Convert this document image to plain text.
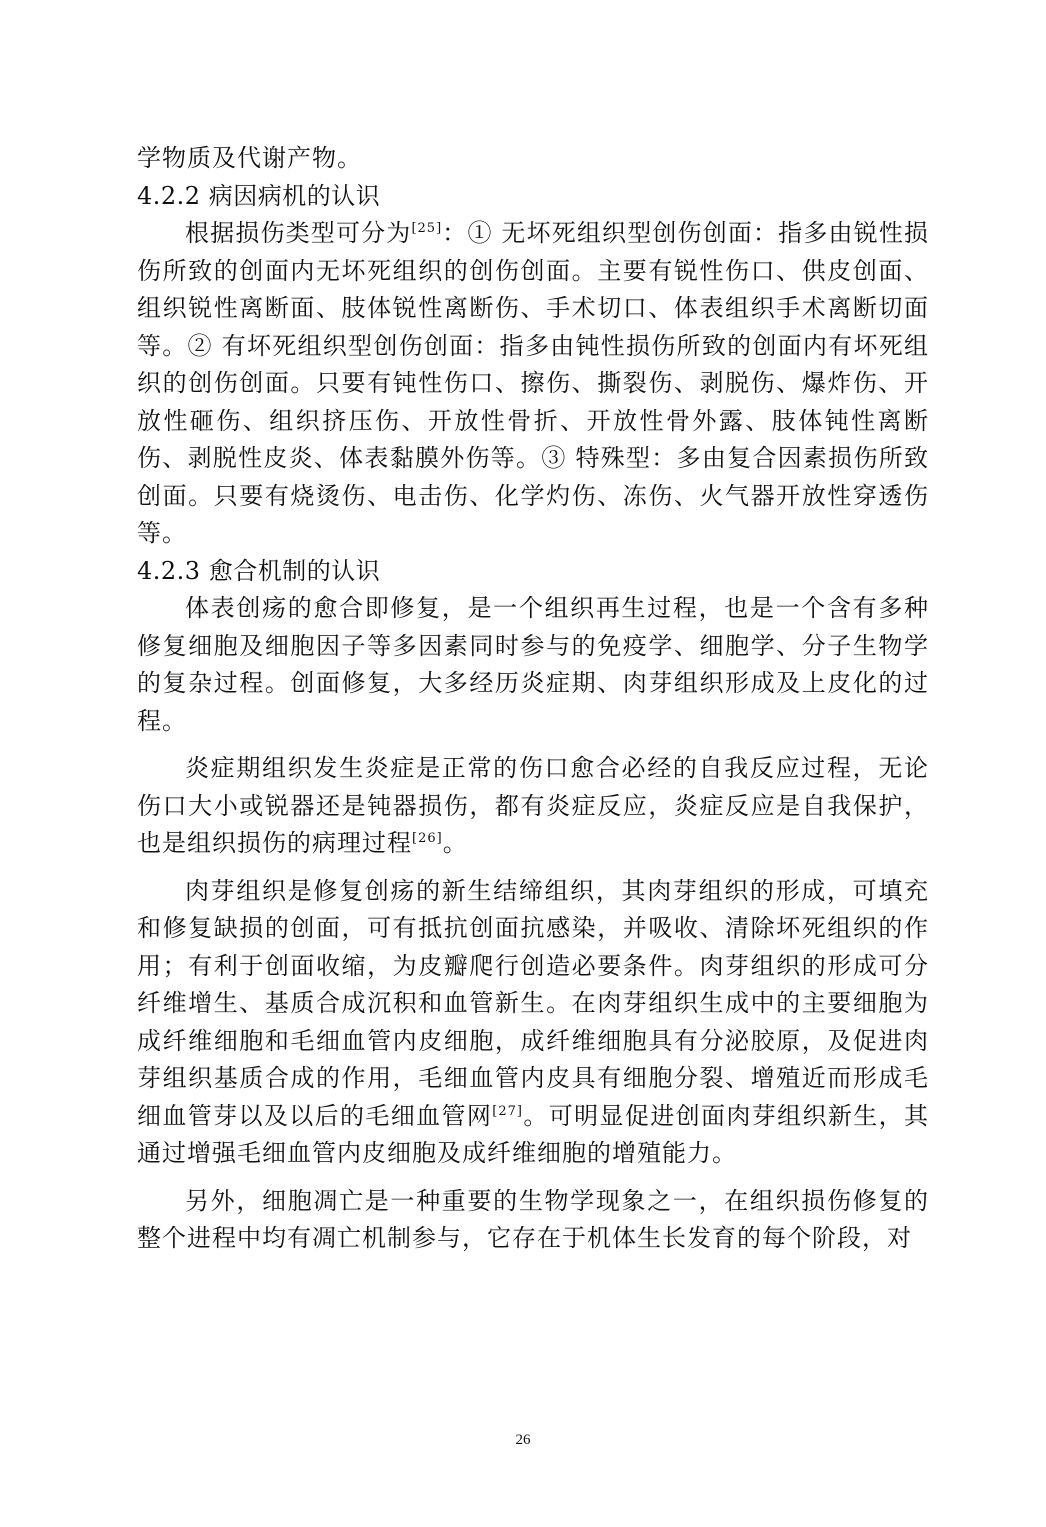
学物质及代谢产物。

4.2.2 病因病机的认识

根据损伤类型可分为[25]：① 无坏死组织型创伤创面：指多由锐性损伤所致的创面内无坏死组织的创伤创面。主要有锐性伤口、供皮创面、组织锐性离断面、肢体锐性离断伤、手术切口、体表组织手术离断切面等。② 有坏死组织型创伤创面：指多由钝性损伤所致的创面内有坏死组织的创伤创面。只要有钝性伤口、擦伤、撕裂伤、剥脱伤、爆炸伤、开放性砸伤、组织挤压伤、开放性骨折、开放性骨外露、肢体钝性离断伤、剥脱性皮炎、体表黏膜外伤等。③ 特殊型：多由复合因素损伤所致创面。只要有烧烫伤、电击伤、化学灼伤、冻伤、火气器开放性穿透伤等。

4.2.3 愈合机制的认识

体表创疡的愈合即修复，是一个组织再生过程，也是一个含有多种修复细胞及细胞因子等多因素同时参与的免疫学、细胞学、分子生物学的复杂过程。创面修复，大多经历炎症期、肉芽组织形成及上皮化的过程。

炎症期组织发生炎症是正常的伤口愈合必经的自我反应过程，无论伤口大小或锐器还是钝器损伤，都有炎症反应，炎症反应是自我保护，也是组织损伤的病理过程[26]。

肉芽组织是修复创疡的新生结缔组织，其肉芽组织的形成，可填充和修复缺损的创面，可有抵抗创面抗感染，并吸收、清除坏死组织的作用；有利于创面收缩，为皮瓣爬行创造必要条件。肉芽组织的形成可分纤维增生、基质合成沉积和血管新生。在肉芽组织生成中的主要细胞为成纤维细胞和毛细血管内皮细胞，成纤维细胞具有分泌胶原，及促进肉芽组织基质合成的作用，毛细血管内皮具有细胞分裂、增殖近而形成毛细血管芽以及以后的毛细血管网[27]。可明显促进创面肉芽组织新生，其通过增强毛细血管内皮细胞及成纤维细胞的增殖能力。

另外，细胞凋亡是一种重要的生物学现象之一，在组织损伤修复的整个进程中均有凋亡机制参与，它存在于机体生长发育的每个阶段，对

26
